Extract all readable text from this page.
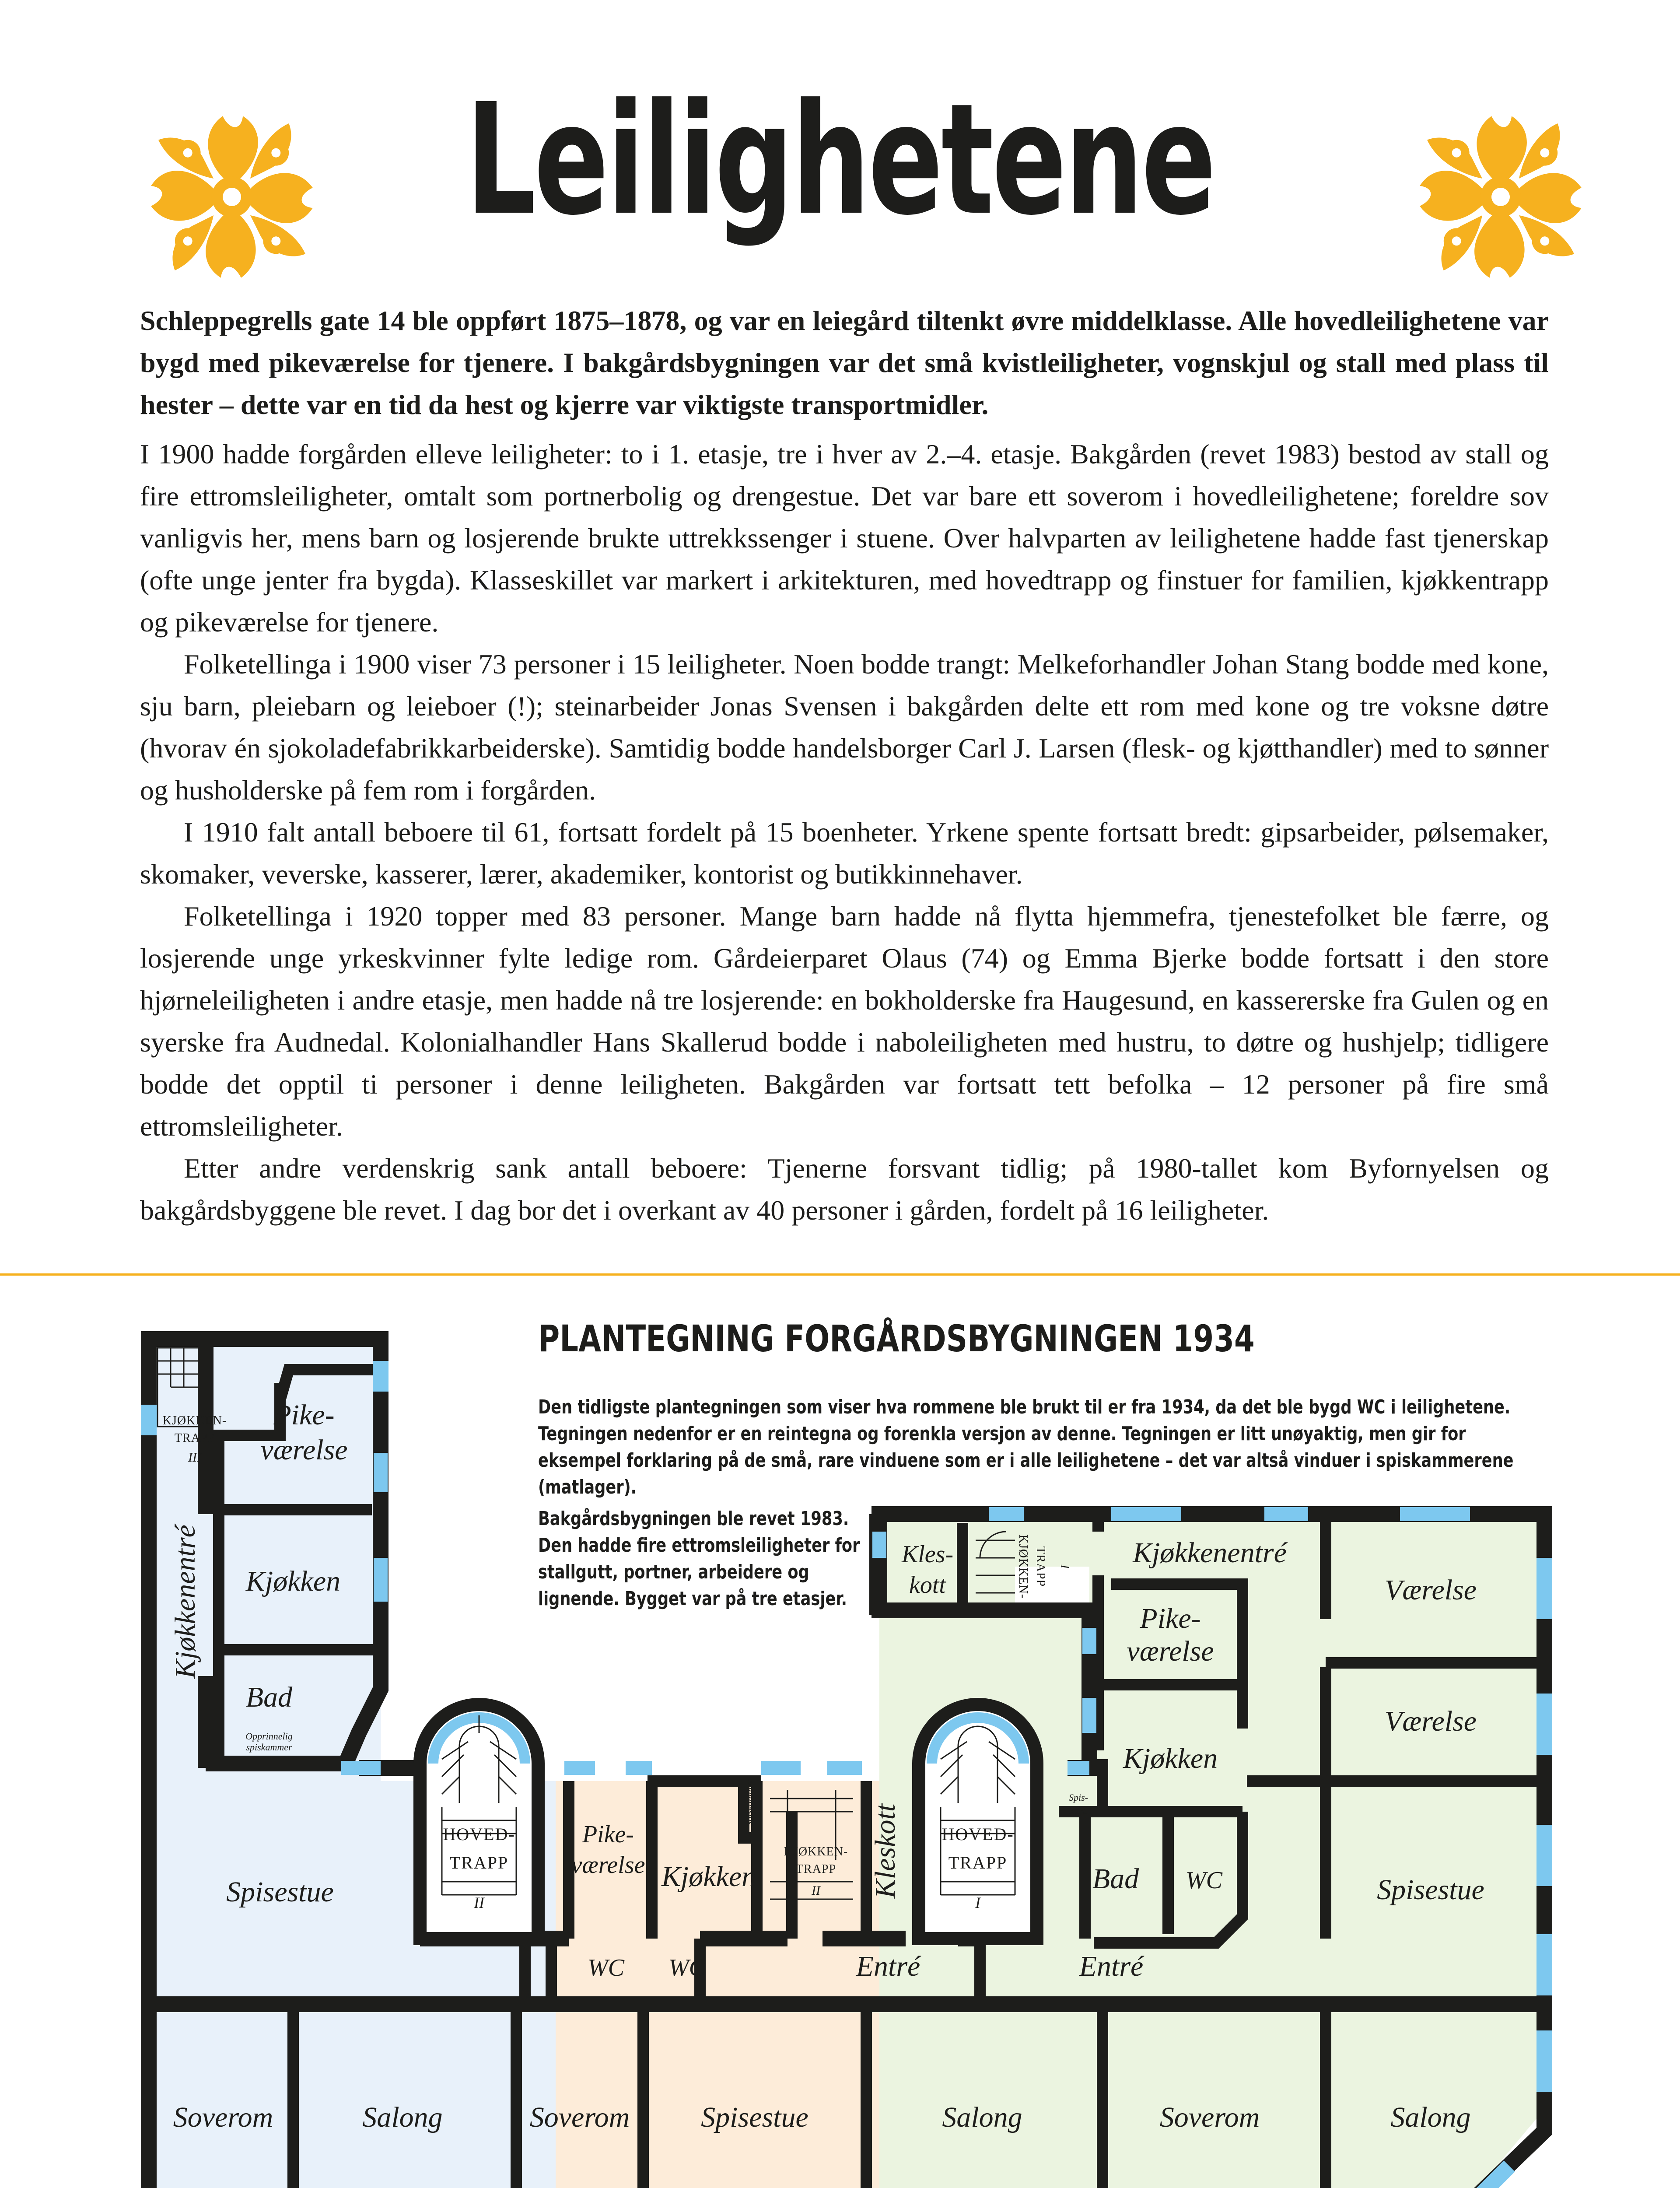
Leilighetene

Schleppegrells gate 14 ble oppført 1875–1878, og var en leiegård tiltenkt øvre middelklasse. Alle hovedleilighetene var bygd med pikeværelse for tjenere. I bakgårdsbygningen var det små kvistleiligheter, vognskjul og stall med plass til hester – dette var en tid da hest og kjerre var viktigste transportmidler.

I 1900 hadde forgården elleve leiligheter: to i 1. etasje, tre i hver av 2.–4. etasje. Bakgården (revet 1983) bestod av stall og fire ettromsleiligheter, omtalt som portnerbolig og drengestue. Det var bare ett soverom i hovedleilighetene; foreldre sov vanligvis her, mens barn og losjerende brukte uttrekkssenger i stuene. Over halvparten av leilighetene hadde fast tjenerskap (ofte unge jenter fra bygda). Klasseskillet var markert i arkitekturen, med hovedtrapp og finstuer for familien, kjøkkentrapp og pikeværelse for tjenere.

Folketellinga i 1900 viser 73 personer i 15 leiligheter. Noen bodde trangt: Melkeforhandler Johan Stang bodde med kone, sju barn, pleiebarn og leieboer (!); steinarbeider Jonas Svensen i bakgården delte ett rom med kone og tre voksne døtre (hvorav én sjokoladefabrikkarbeiderske). Samtidig bodde handelsborger Carl J. Larsen (flesk- og kjøtthandler) med to sønner og husholderske på fem rom i forgården.

I 1910 falt antall beboere til 61, fortsatt fordelt på 15 boenheter. Yrkene spente fortsatt bredt: gipsarbeider, pølsemaker, skomaker, veverske, kasserer, lærer, akademiker, kontorist og butikkinnehaver.

Folketellinga i 1920 topper med 83 personer. Mange barn hadde nå flytta hjemmefra, tjenestefolket ble færre, og losjerende unge yrkeskvinner fylte ledige rom. Gårdeierparet Olaus (74) og Emma Bjerke bodde fortsatt i den store hjørneleiligheten i andre etasje, men hadde nå tre losjerende: en bokholderske fra Haugesund, en kassererske fra Gulen og en syerske fra Audnedal. Kolonialhandler Hans Skallerud bodde i naboleiligheten med hustru, to døtre og hushjelp; tidligere bodde det opptil ti personer i denne leiligheten. Bakgården var fortsatt tett befolka – 12 personer på fire små ettromsleiligheter.

Etter andre verdenskrig sank antall beboere: Tjenerne forsvant tidlig; på 1980-tallet kom Byfornyelsen og bakgårdsbyggene ble revet. I dag bor det i overkant av 40 personer i gården, fordelt på 16 leiligheter.

Pike-
værelse
Kjøkken
Kjøkkenentré
Bad
Opprinnelig
spiskammer
Spisestue
Soverom	Salong
WC WC
Pike-
værelse Kjøkken
Spiskammer
Kleskott
Entré
Soverom Spisestue	Salong
Kles-
kott
Kjøkkenentré
Værelse
Værelse
Pike-
værelse
Kjøkken
Spis-
kam.
Bad WC	Spisestue
Entré
Soverom	Salong
HOVED-
TRAPP
II
HOVED-
TRAPP
I
KJØKKEN-
TRAPP
III
KJØKKEN-
TRAPP
II
KJØKKEN- TRAPP I
PLANTEGNING FORGÅRDSBYGNINGEN 1934

Den tidligste plantegningen som viser hva rommene ble brukt til er fra 1934, da det ble bygd WC i leilighetene. Tegningen nedenfor er en reintegna og forenkla versjon av denne. Tegningen er litt unøyaktig, men gir for eksempel forklaring på de små, rare vinduene som er i alle leilighetene – det var altså vinduer i spiskammerene (matlager).

Bakgårdsbygningen ble revet 1983. Den hadde fire ettromsleiligheter for stallgutt, portner, arbeidere og lignende. Bygget var på tre etasjer.
